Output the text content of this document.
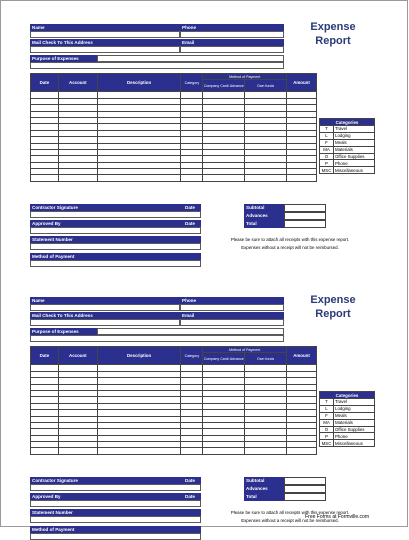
Name	Phone
Mail Check To This Address	Email
Purpose of Expenses
Expense
Report
Date	Account	Description	Category	Method of Payment		Amount
				Company Card/ Advance	Own funds	

Categories	
T	Travel
L	Lodging
F	Meals
MA	Materials
O	Office Supplies
P	Phone
MSC	Miscellaneous
Contractor Signature	Date
Approved By	Date
Statement Number
Method of Payment
Subtotal
Advances
Total
Please be sure to attach all receipts with this expense report.
Expenses without a receipt will not be reimbursed.
Name	Phone
Mail Check To This Address	Email
Purpose of Expenses
Expense
Report
Date	Account	Description	Category	Method of Payment		Amount
				Company Card/ Advance	Own funds	

Categories	
T	Travel
L	Lodging
F	Meals
MA	Materials
O	Office Supplies
P	Phone
MSC	Miscellaneous
Contractor Signature	Date
Approved By	Date
Statement Number
Method of Payment
Subtotal
Advances
Total
Please be sure to attach all receipts with this expense report.
Expenses without a receipt will not be reimbursed.
Free Forms at Formville.com
